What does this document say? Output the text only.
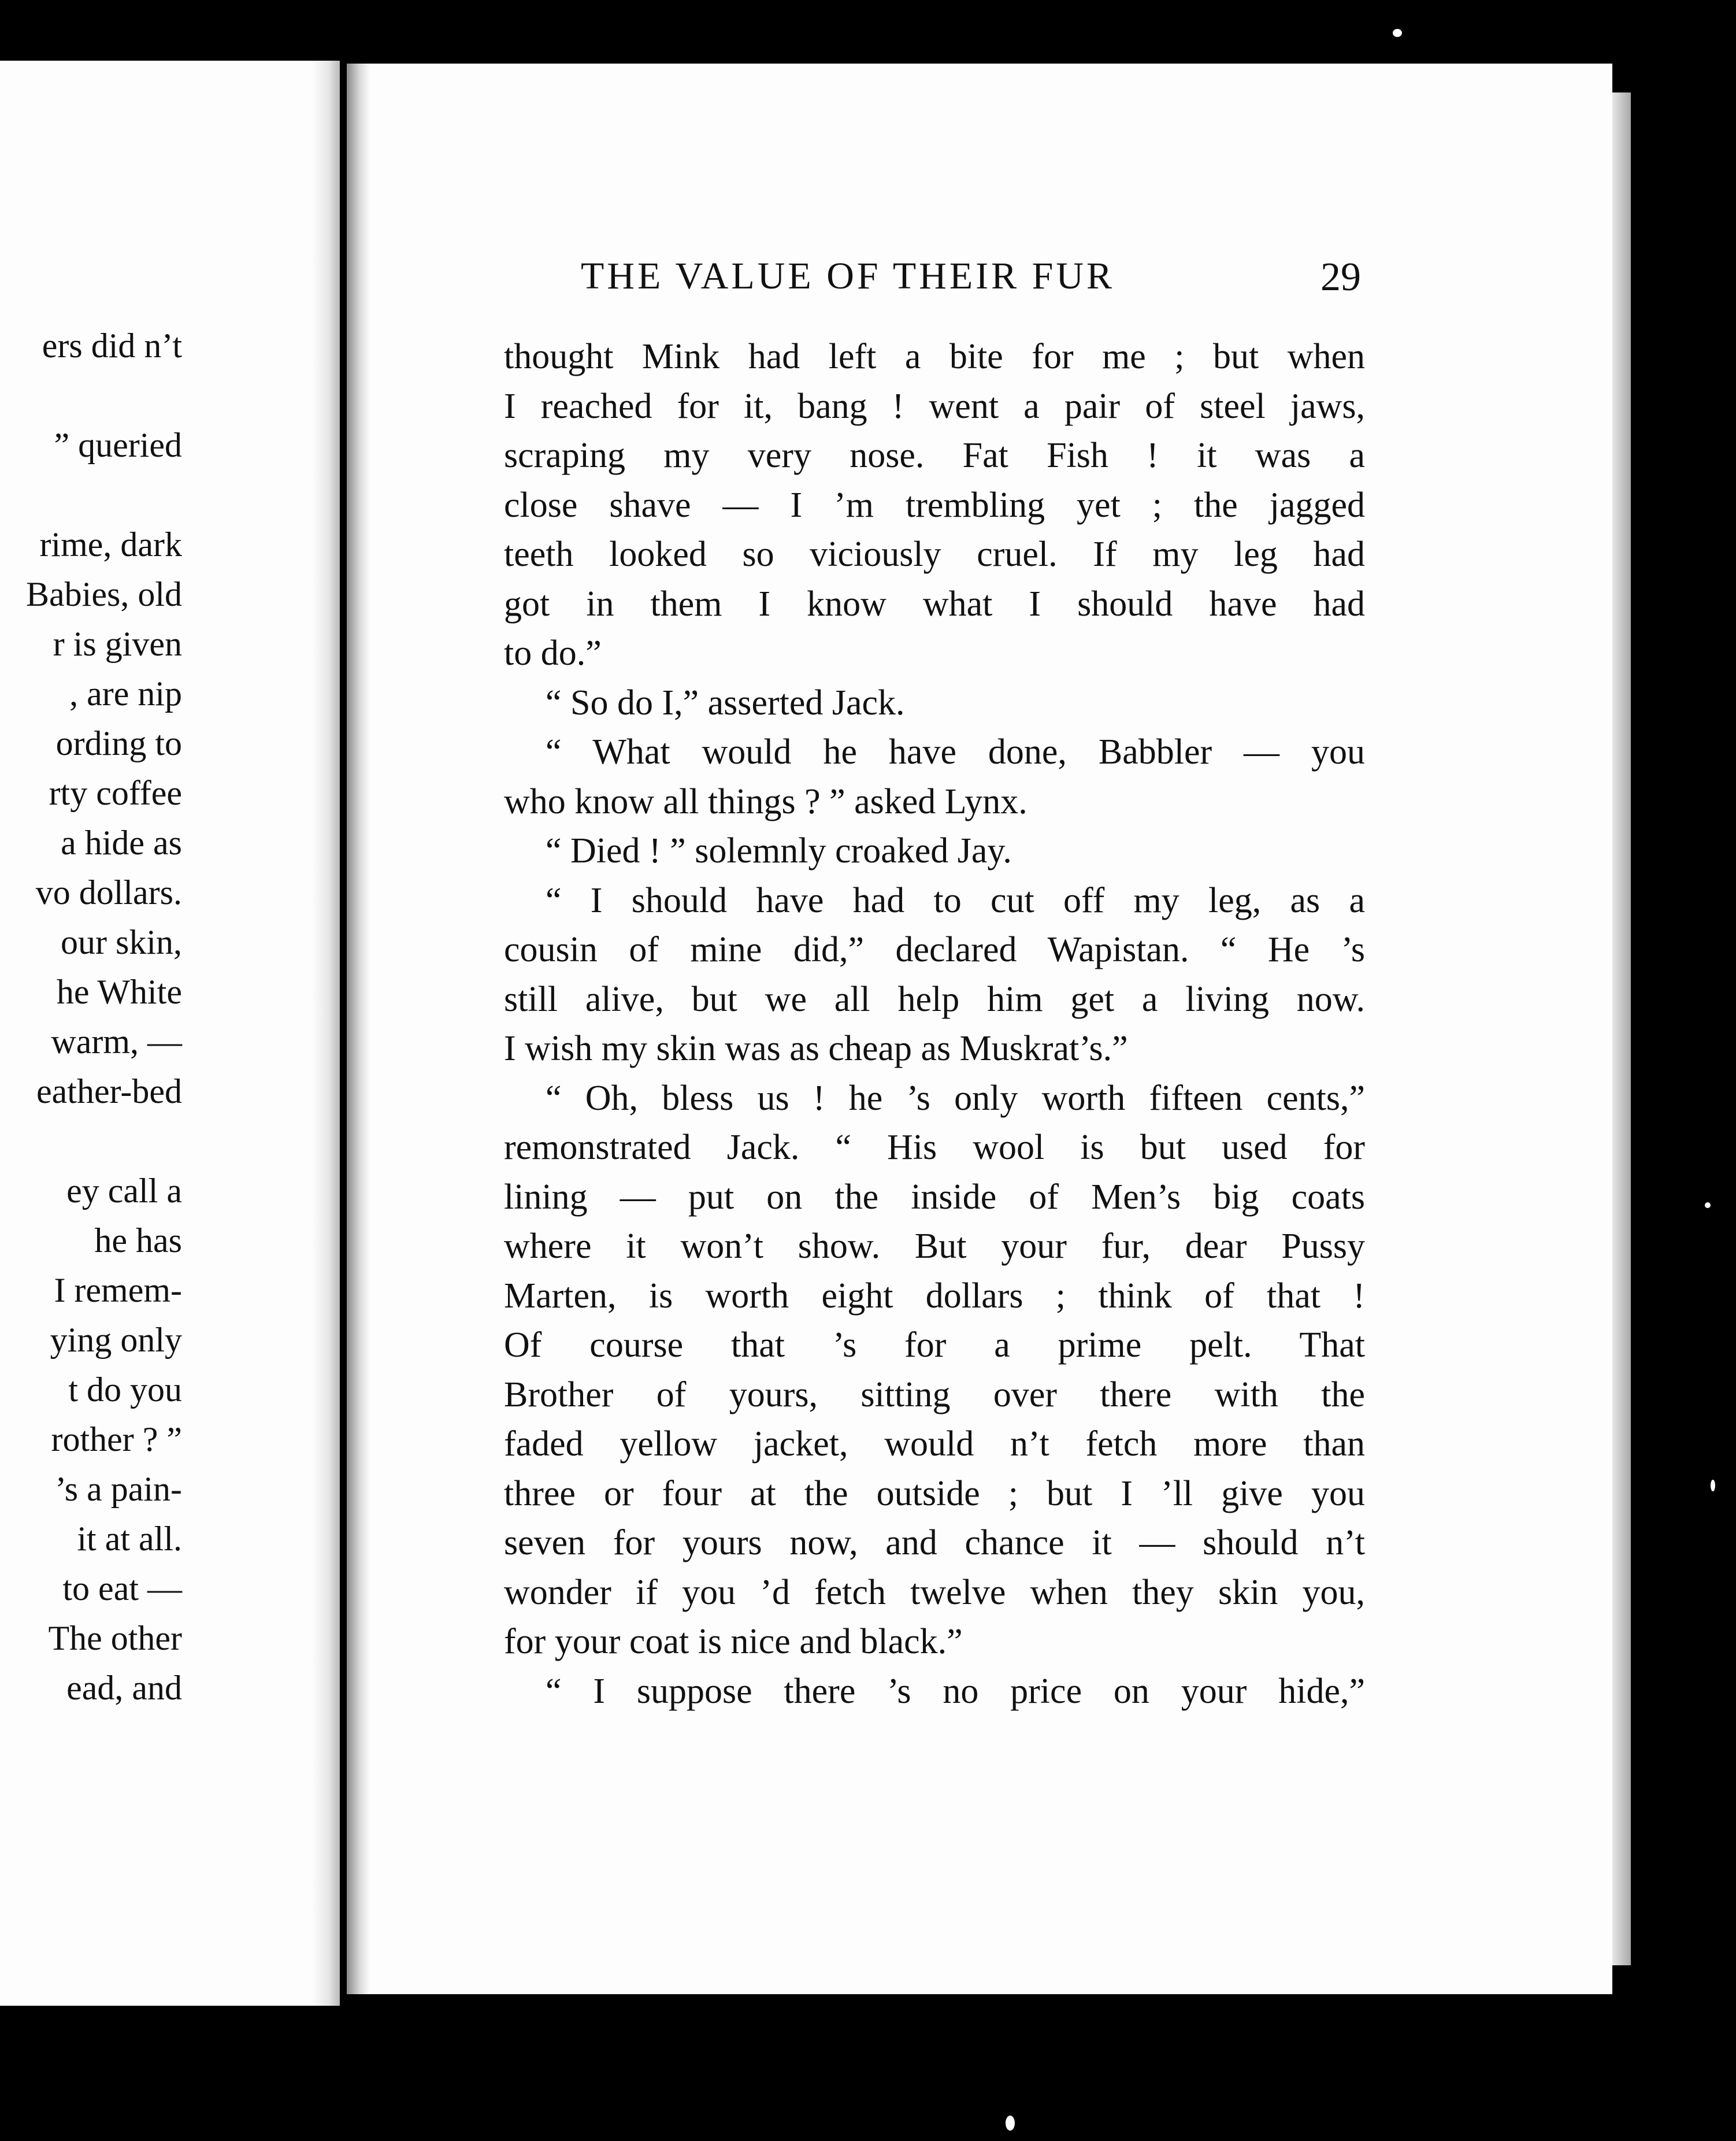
ers did n’t
” queried
rime, dark
Babies, old
r is given
, are nip
ording to
rty coffee
a hide as
vo dollars.
our skin,
he White
warm, —
eather-bed
ey call a
he has
I remem-
ying only
t do you
rother ? ”
’s a pain-
it at all.
to eat —
The other
ead, and
THE VALUE OF THEIR FUR	29
thought Mink had left a bite for me ; but when
I reached for it, bang ! went a pair of steel jaws,
scraping my very nose. Fat Fish ! it was a
close shave — I ’m trembling yet ; the jagged
teeth looked so viciously cruel. If my leg had
got in them I know what I should have had
to do.”
“ So do I,” asserted Jack.
“ What would he have done, Babbler — you
who know all things ? ” asked Lynx.
“ Died ! ” solemnly croaked Jay.
“ I should have had to cut off my leg, as a
cousin of mine did,” declared Wapistan. “ He ’s
still alive, but we all help him get a living now.
I wish my skin was as cheap as Muskrat’s.”
“ Oh, bless us ! he ’s only worth fifteen cents,”
remonstrated Jack. “ His wool is but used for
lining — put on the inside of Men’s big coats
where it won’t show. But your fur, dear Pussy
Marten, is worth eight dollars ; think of that !
Of course that ’s for a prime pelt. That
Brother of yours, sitting over there with the
faded yellow jacket, would n’t fetch more than
three or four at the outside ; but I ’ll give you
seven for yours now, and chance it — should n’t
wonder if you ’d fetch twelve when they skin you,
for your coat is nice and black.”
“ I suppose there ’s no price on your hide,”
